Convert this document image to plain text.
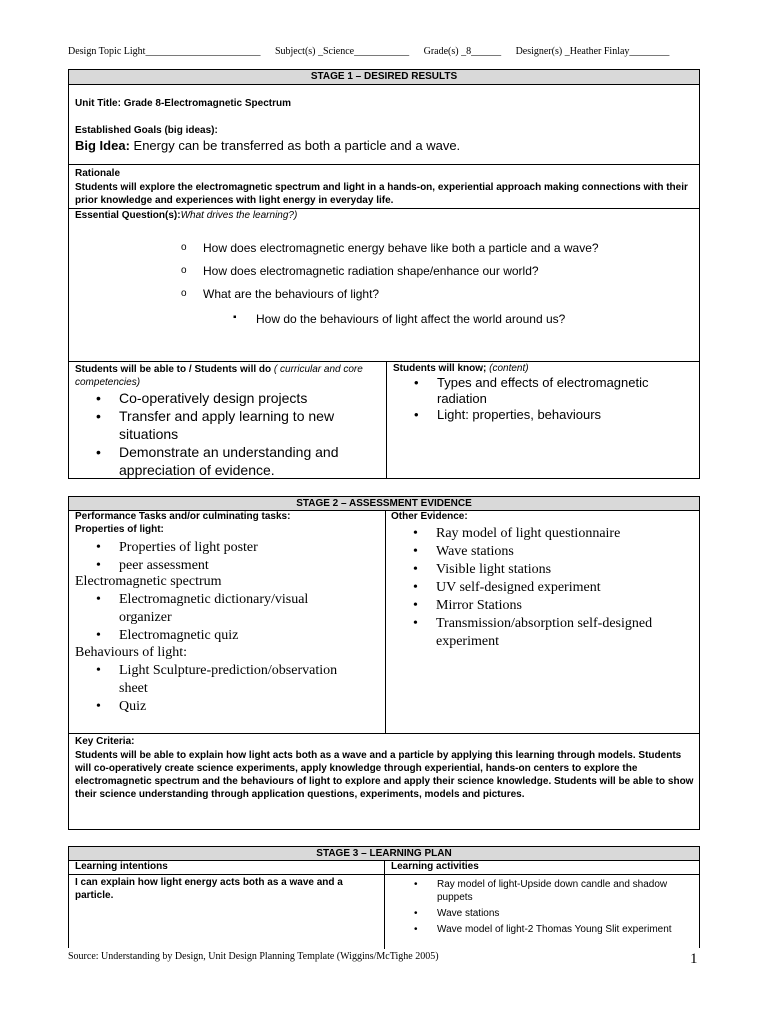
Design Topic Light_______________________ Subject(s) _Science___________ Grade(s) _8______ Designer(s) _Heather Finlay________
STAGE 1 – DESIRED RESULTS
Unit Title: Grade 8-Electromagnetic Spectrum
Established Goals (big ideas):
Big Idea: Energy can be transferred as both a particle and a wave.
Rationale
Students will explore the electromagnetic spectrum and light in a hands-on, experiential approach making connections with their prior knowledge and experiences with light energy in everyday life.
Essential Question(s):What drives the learning?)
o How does electromagnetic energy behave like both a particle and a wave?
o How does electromagnetic radiation shape/enhance our world?
o What are the behaviours of light?
▪ How do the behaviours of light affect the world around us?
Students will be able to / Students will do ( curricular and core competencies)
• Co-operatively design projects
• Transfer and apply learning to new situations
• Demonstrate an understanding and appreciation of evidence.
Students will know; (content)
• Types and effects of electromagnetic radiation
• Light: properties, behaviours
STAGE 2 – ASSESSMENT EVIDENCE
Performance Tasks and/or culminating tasks:
Properties of light:
• Properties of light poster
• peer assessment
Electromagnetic spectrum
• Electromagnetic dictionary/visual organizer
• Electromagnetic quiz
Behaviours of light:
• Light Sculpture-prediction/observation sheet
• Quiz
Other Evidence:
• Ray model of light questionnaire
• Wave stations
• Visible light stations
• UV self-designed experiment
• Mirror Stations
• Transmission/absorption self-designed experiment
Key Criteria:
Students will be able to explain how light acts both as a wave and a particle by applying this learning through models. Students will co-operatively create science experiments, apply knowledge through experiential, hands-on centers to explore the electromagnetic spectrum and the behaviours of light to explore and apply their science knowledge. Students will be able to show their science understanding through application questions, experiments, models and pictures.
STAGE 3 – LEARNING PLAN
Learning intentions	Learning activities
I can explain how light energy acts both as a wave and a particle.
• Ray model of light-Upside down candle and shadow puppets
• Wave stations
• Wave model of light-2 Thomas Young Slit experiment
Source: Understanding by Design, Unit Design Planning Template (Wiggins/McTighe 2005)	1
